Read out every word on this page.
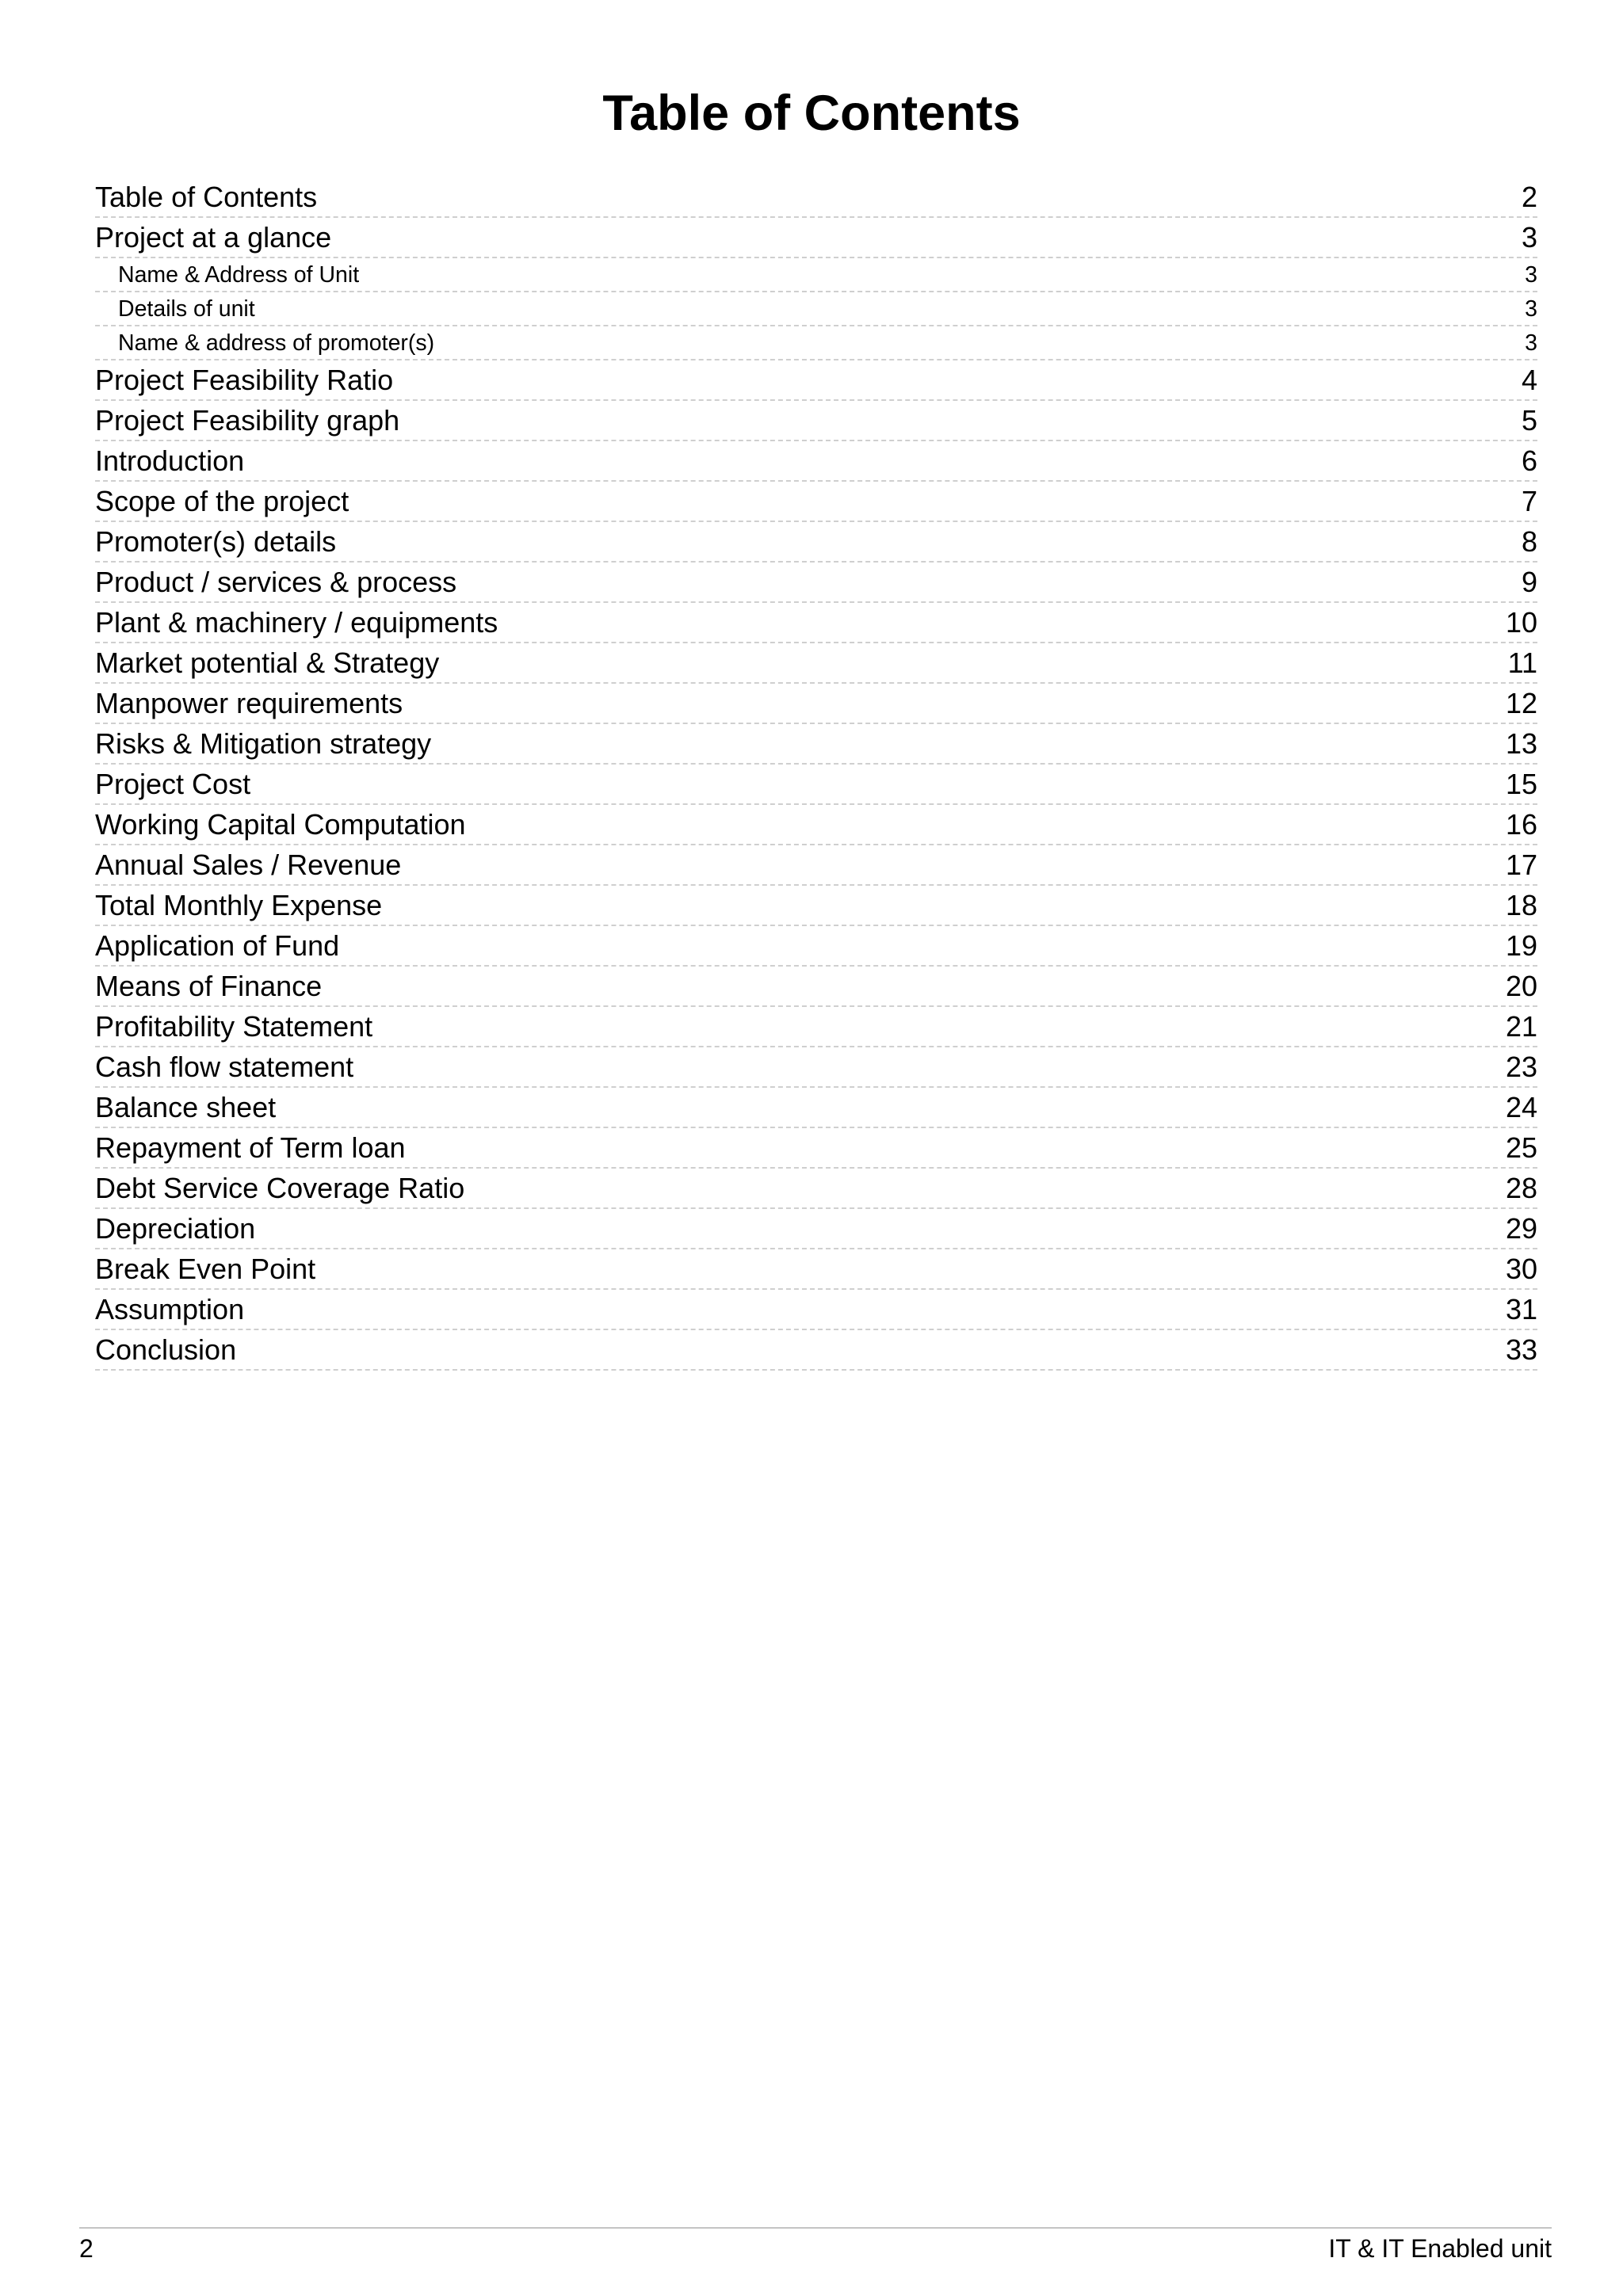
Table of Contents
Table of Contents	2
Project at a glance	3
Name & Address of Unit	3
Details of unit	3
Name & address of promoter(s)	3
Project Feasibility Ratio	4
Project Feasibility graph	5
Introduction	6
Scope of the project	7
Promoter(s) details	8
Product / services & process	9
Plant & machinery / equipments	10
Market potential & Strategy	11
Manpower requirements	12
Risks & Mitigation strategy	13
Project Cost	15
Working Capital Computation	16
Annual Sales / Revenue	17
Total Monthly Expense	18
Application of Fund	19
Means of Finance	20
Profitability Statement	21
Cash flow statement	23
Balance sheet	24
Repayment of Term loan	25
Debt Service Coverage Ratio	28
Depreciation	29
Break Even Point	30
Assumption	31
Conclusion	33
2	IT & IT Enabled unit
